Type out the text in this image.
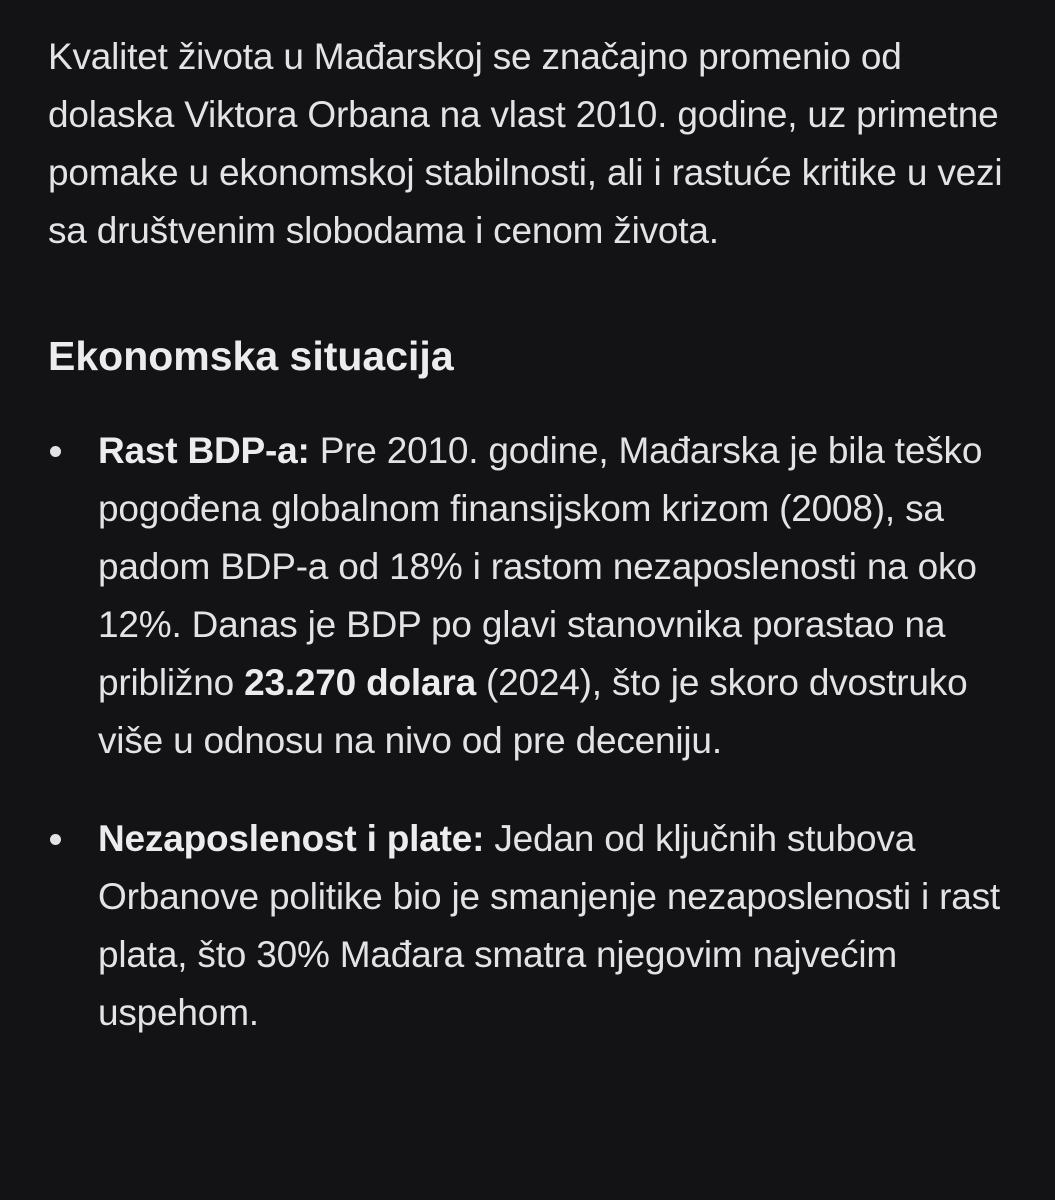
Kvalitet života u Mađarskoj se značajno promenio od dolaska Viktora Orbana na vlast 2010. godine, uz primetne pomake u ekonomskoj stabilnosti, ali i rastuće kritike u vezi sa društvenim slobodama i cenom života.

Ekonomska situacija
Rast BDP-a: Pre 2010. godine, Mađarska je bila teško pogođena globalnom finansijskom krizom (2008), sa padom BDP-a od 18% i rastom nezaposlenosti na oko 12%. Danas je BDP po glavi stanovnika porastao na približno 23.270 dolara (2024), što je skoro dvostruko više u odnosu na nivo od pre deceniju.
Nezaposlenost i plate: Jedan od ključnih stubova Orbanove politike bio je smanjenje nezaposlenosti i rast plata, što 30% Mađara smatra njegovim najvećim uspehom.
